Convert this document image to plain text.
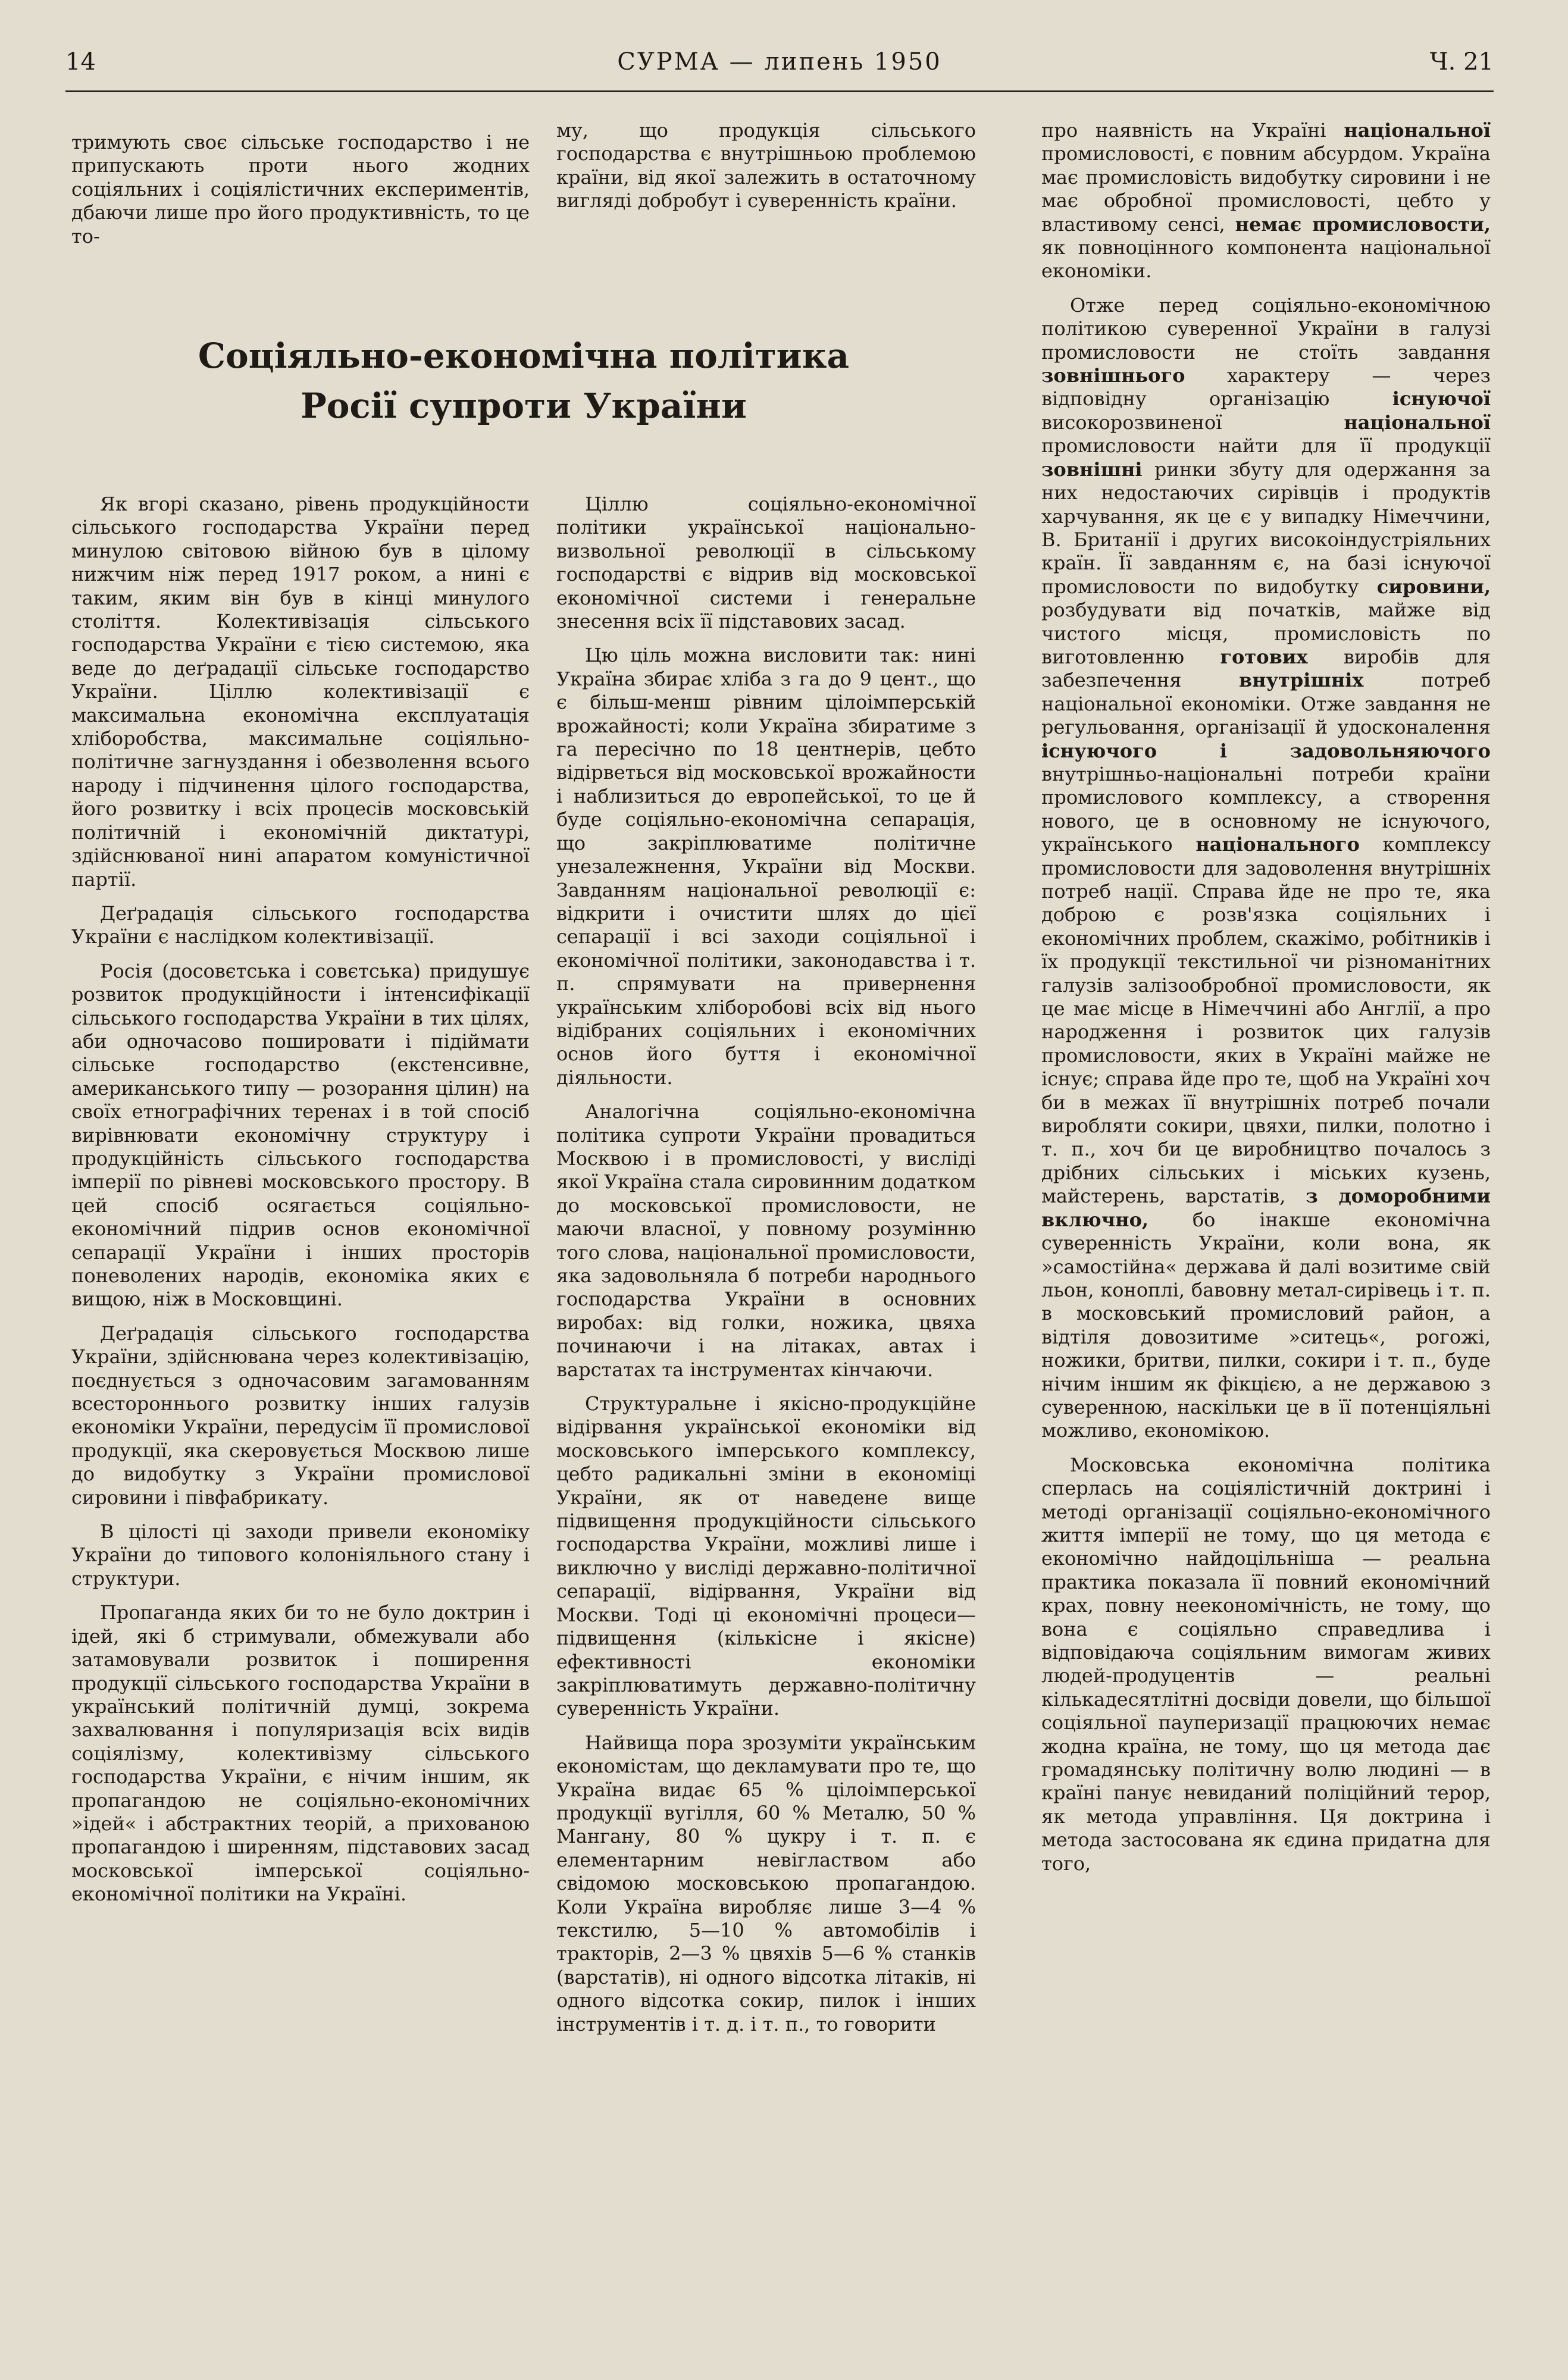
14	СУРМА — липень 1950	Ч. 21

тримують своє сільське господарство і не припускають проти нього жодних соціяльних і соціялістичних експериментів, дбаючи лише про його продуктивність, то це то-

му, що продукція сільського господарства є внутрішньою проблемою країни, від якої залежить в остаточному вигляді добробут і суверенність країни.

Соціяльно-економічна політика
Росії супроти України

Як вгорі сказано, рівень продукційности сільського господарства України перед минулою світовою війною був в цілому нижчим ніж перед 1917 роком, а нині є таким, яким він був в кінці минулого століття. Колективізація сільського господарства України є тією системою, яка веде до деґрадації сільське господарство України. Ціллю колективізації є максимальна економічна експлуатація хліборобства, максимальне соціяльно-політичне загнуздання і обезволення всього народу і підчинення цілого господарства, його розвитку і всіх процесів московській політичній і економічній диктатурі, здійснюваної нині апаратом комуністичної партії.

Деґрадація сільського господарства України є наслідком колективізації.

Росія (досовєтська і совєтська) придушує розвиток продукційности і інтенсифікації сільського господарства України в тих цілях, аби одночасово пошировати і підіймати сільське господарство (екстенсивне, американського типу — розорання цілин) на своїх етнографічних теренах і в той спосіб вирівнювати економічну структуру і продукційність сільського господарства імперії по рівневі московського простору. В цей спосіб осягається соціяльно-економічний підрив основ економічної сепарації України і інших просторів поневолених народів, економіка яких є вищою, ніж в Московщині.

Деґрадація сільського господарства України, здійснювана через колективізацію, поєднується з одночасовим загамованням всестороннього розвитку інших галузів економіки України, передусім її промислової продукції, яка скеровується Москвою лише до видобутку з України промислової сировини і півфабрикату.

В цілості ці заходи привели економіку України до типового колоніяльного стану і структури.

Пропаганда яких би то не було доктрин і ідей, які б стримували, обмежували або затамовували розвиток і поширення продукції сільського господарства України в український політичній думці, зокрема захвалювання і популяризація всіх видів соціялізму, колективізму сільського господарства України, є нічим іншим, як пропагандою не соціяльно-економічних »ідей« і абстрактних теорій, а прихованою пропагандою і ширенням, підставових засад московської імперської соціяльно-економічної політики на Україні.

Ціллю соціяльно-економічної політики української національно-визвольної революції в сільському господарстві є відрив від московської економічної системи і генеральне знесення всіх її підставових засад.

Цю ціль можна висловити так: нині Україна збирає хліба з га до 9 цент., що є більш-менш рівним цілоімперській врожайності; коли Україна збиратиме з га пересічно по 18 центнерів, цебто відірветься від московської врожайности і наблизиться до европейської, то це й буде соціяльно-економічна сепарація, що закріплюватиме політичне унезалежнення, України від Москви. Завданням національної революції є: відкрити і очистити шлях до цієї сепарації і всі заходи соціяльної і економічної політики, законодавства і т. п. спрямувати на привернення українським хліборобові всіх від нього відібраних соціяльних і економічних основ його буття і економічної діяльности.

Аналогічна соціяльно-економічна політика супроти України провадиться Москвою і в промисловості, у висліді якої Україна стала сировинним додатком до московської промисловости, не маючи власної, у повному розумінню того слова, національної промисловости, яка задовольняла б потреби народнього господарства України в основних виробах: від голки, ножика, цвяха починаючи і на літаках, автах і варстатах та інструментах кінчаючи.

Структуральне і якісно-продукційне відірвання української економіки від московського імперського комплексу, цебто радикальні зміни в економіці України, як от наведене вище підвищення продукційности сільського господарства України, можливі лише і виключно у висліді державно-політичної сепарації, відірвання, України від Москви. Тоді ці економічні процеси—підвищення (кількісне і якісне) ефективності економіки закріплюватимуть державно-політичну суверенність України.

Найвища пора зрозуміти українським економістам, що декламувати про те, що Україна видає 65 % цілоімперської продукції вугілля, 60 % Металю, 50 % Мангану, 80 % цукру і т. п. є елементарним невіглаством або свідомою московською пропагандою. Коли Україна виробляє лише 3—4 % текстилю, 5—10 % автомобілів і тракторів, 2—3 % цвяхів 5—6 % станків (варстатів), ні одного відсотка літаків, ні одного відсотка сокир, пилок і інших інструментів і т. д. і т. п., то говорити

про наявність на Україні національної промисловості, є повним абсурдом. Україна має промисловість видобутку сировини і не має обробної промисловості, цебто у властивому сенсі, немає промисловости, як повноцінного компонента національної економіки.

Отже перед соціяльно-економічною політикою суверенної України в галузі промисловости не стоїть завдання зовнішнього характеру — через відповідну організацію існуючої високорозвиненої національної промисловости найти для її продукції зовнішні ринки збуту для одержання за них недостаючих сирівців і продуктів харчування, як це є у випадку Німеччини, В. Британії і других високоіндустріяльних країн. Її завданням є, на базі існуючої промисловости по видобутку сировини, розбудувати від початків, майже від чистого місця, промисловість по виготовленню готових виробів для забезпечення внутрішніх потреб національної економіки. Отже завдання не регульовання, організації й удосконалення існуючого і задовольняючого внутрішньо-національні потреби країни промислового комплексу, а створення нового, це в основному не існуючого, українського національного комплексу промисловости для задоволення внутрішніх потреб нації. Справа йде не про те, яка доброю є розв'язка соціяльних і економічних проблем, скажімо, робітників і їх продукції текстильної чи різноманітних галузів залізообробної промисловости, як це має місце в Німеччині або Англії, а про народження і розвиток цих галузів промисловости, яких в Україні майже не існує; справа йде про те, щоб на Україні хоч би в межах її внутрішніх потреб почали виробляти сокири, цвяхи, пилки, полотно і т. п., хоч би це виробництво почалось з дрібних сільських і міських кузень, майстерень, варстатів, з доморобними включно, бо інакше економічна суверенність України, коли вона, як »самостійна« держава й далі возитиме свій льон, коноплі, бавовну метал-сирівець і т. п. в московський промисловий район, а відтіля довозитиме »ситець«, рогожі, ножики, бритви, пилки, сокири і т. п., буде нічим іншим як фікцією, а не державою з суверенною, наскільки це в її потенціяльні можливо, економікою.

Московська економічна політика сперлась на соціялістичній доктрині і методі організації соціяльно-економічного життя імперії не тому, що ця метода є економічно найдоцільніша — реальна практика показала її повний економічний крах, повну неекономічність, не тому, що вона є соціяльно справедлива і відповідаюча соціяльним вимогам живих людей-продуцентів — реальні кількадесятлітні досвіди довели, що більшої соціяльної пауперизації працюючих немає жодна країна, не тому, що ця метода дає громадянську політичну волю людині — в країні панує невиданий поліційний терор, як метода управління. Ця доктрина і метода застосована як єдина придатна для того,
